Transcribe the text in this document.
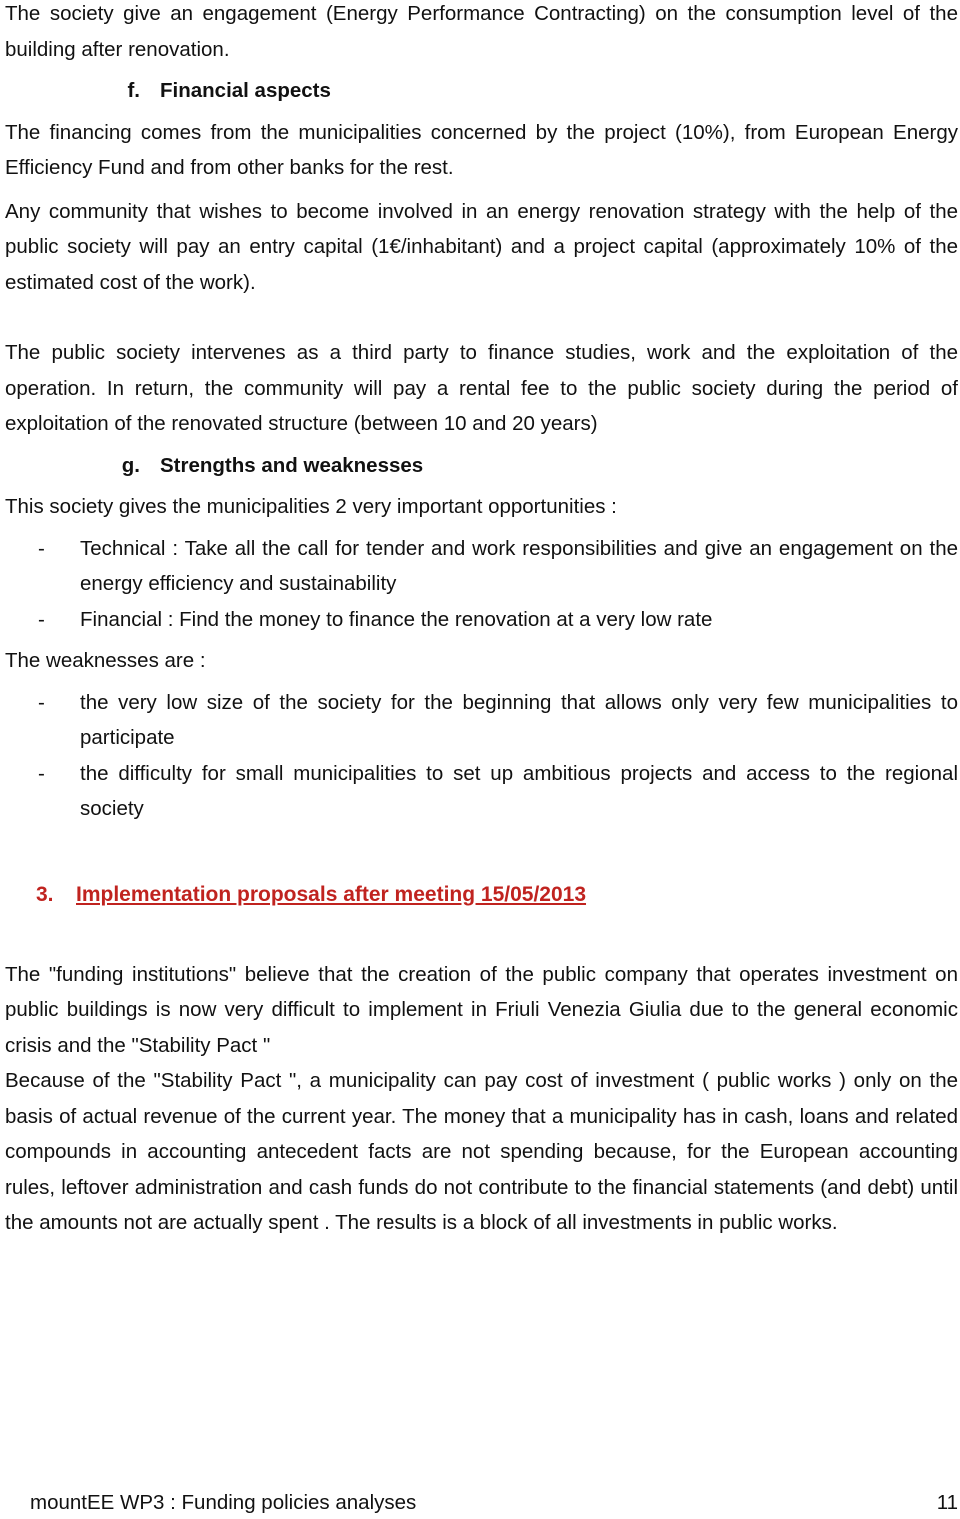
The society give an engagement (Energy Performance Contracting) on the consumption level of the building after renovation.

f. Financial aspects

The financing comes from the municipalities concerned by the project (10%), from European Energy Efficiency Fund and from other banks for the rest.

Any community that wishes to become involved in an energy renovation strategy with the help of the public society will pay an entry capital (1€/inhabitant) and a project capital (approximately 10% of the estimated cost of the work).

The public society intervenes as a third party to finance studies, work and the exploitation of the operation. In return, the community will pay a rental fee to the public society during the period of exploitation of the renovated structure (between 10 and 20 years)

g. Strengths and weaknesses

This society gives the municipalities 2 very important opportunities :

-	Technical : Take all the call for tender and work responsibilities and give an engagement on the energy efficiency and sustainability
-	Financial : Find the money to finance the renovation at a very low rate

The weaknesses are :

-	the very low size of the society for the beginning that allows only very few municipalities to participate
-	the difficulty for small municipalities to set up ambitious projects and access to the regional society
3.	Implementation proposals after meeting 15/05/2013

The "funding institutions" believe that the creation of the public company that operates investment on public buildings is now very difficult to implement in Friuli Venezia Giulia due to the general economic crisis and the "Stability Pact "

Because of the "Stability Pact ", a municipality can pay cost of investment ( public works ) only on the basis of actual revenue of the current year. The money that a municipality has in cash, loans and related compounds in accounting antecedent facts are not spending because, for the European accounting rules, leftover administration and cash funds do not contribute to the financial statements (and debt) until the amounts not are actually spent . The results is a block of all investments in public works.

mountEE WP3 : Funding policies analyses	11
